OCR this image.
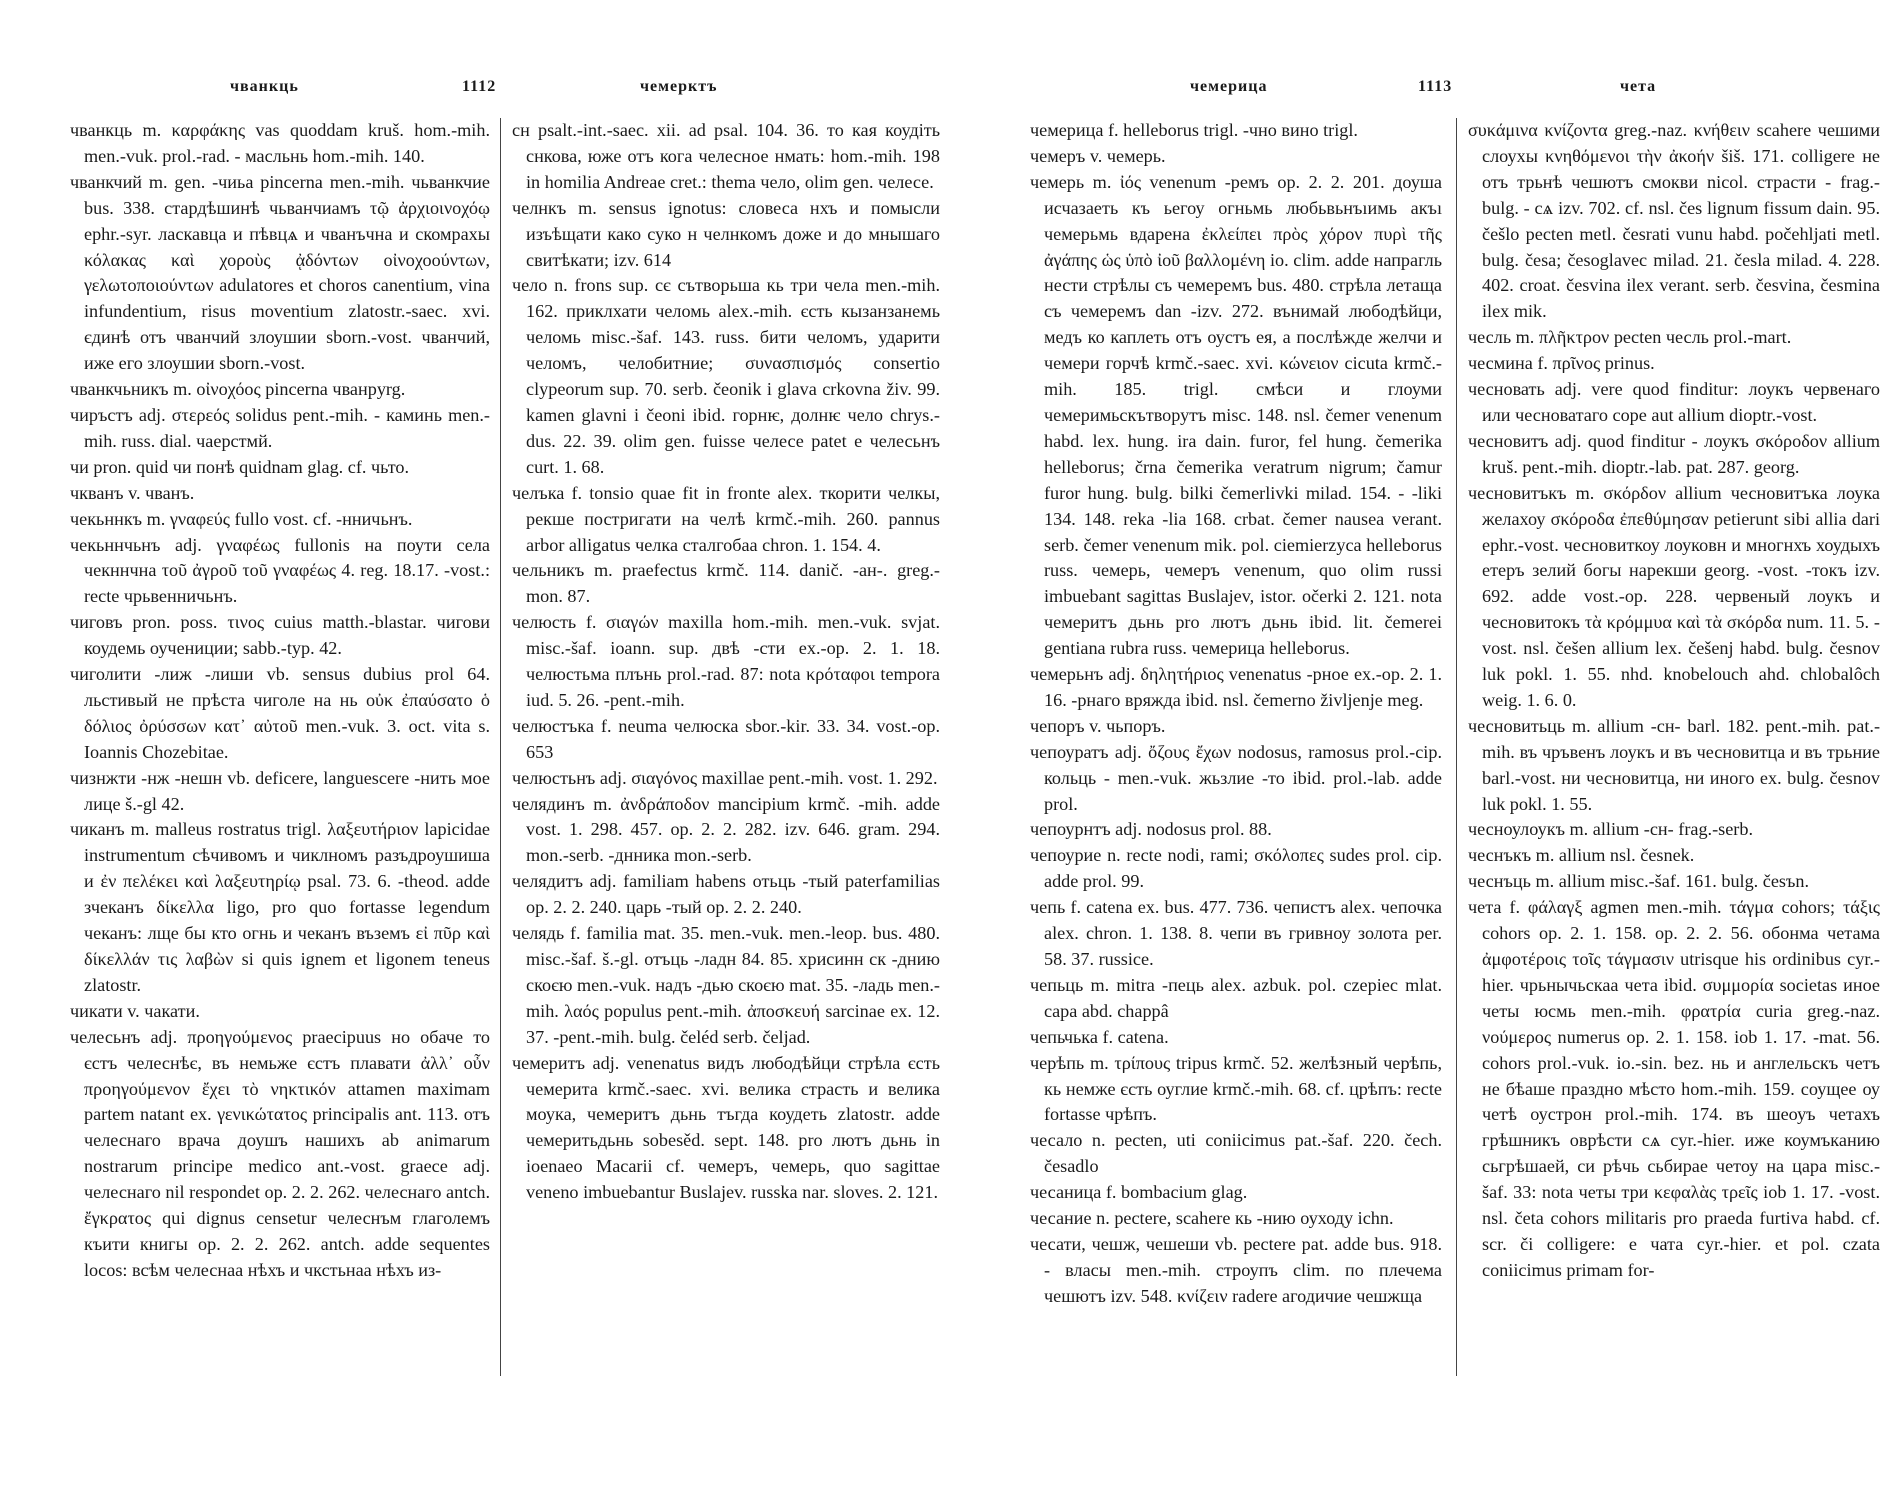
чванкць	1112	чемерктъ

чванкць m. καρφάκης vas quoddam kruš. hom.-mih. men.-vuk. prol.-rad. - масльнь hom.-mih. 140.

чванкчий m. gen. -чиьа pincerna men.-mih. чьванкчие bus. 338. стардѣшинѣ чьванчиамъ τῷ ἀρχιοινοχόῳ ephr.-syr. ласкавца и пѣвцѧ и чванъчна и скомрахы κόλακας καὶ χοροὺς ᾀδόντων οἰνοχοούντων, γελωτοποιούντων adulatores et choros canentium, vina infundentium, risus moventium zlatostr.-saec. xvi. єдинѣ отъ чванчий злоушии sborn.-vost. чванчий, иже его злоушии sborn.-vost.

чванкчьникъ m. οἰνοχόος pincerna чванpyrg.

чиръстъ adj. στερεός solidus pent.-mih. - каминь men.-mih. russ. dial. чаерстмй.

чи pron. quid чи понѣ quidnam glag. cf. чьто.

чкванъ v. чванъ.

чекьннкъ m. γναφεύς fullo vost. cf. -нничьнъ.

чекьннчьнъ adj. γναφέως fullonis на поути села чекннчна τοῦ ἀγροῦ τοῦ γναφέως 4. reg. 18.17. -vost.: recte чрьвенничьнъ.

чиговъ pron. poss. τινος cuius matth.-blastar. чигови коудемь оучениции; sabb.-typ. 42.

чиголити -лиж -лиши vb. sensus dubius prol 64. льстивый не прѣста чиголе на нь οὐκ ἐπαύσατο ὁ δόλιος ὀρύσσων κατ᾽ αὐτοῦ men.-vuk. 3. oct. vita s. Ioannis Chozebitae.

чизнжти -нж -нешн vb. deficere, languescere -нить мое лице š.-gl 42.

чиканъ m. malleus rostratus trigl. λαξευτήριον lapicidae instrumentum сѣчивомъ и чиклномъ разъдроушиша и ἐν πελέκει καὶ λαξευτηρίῳ psal. 73. 6. -theod. adde зчеканъ δίκελλα ligo, pro quo fortasse legendum чеканъ: лще бы кто огнь и чеканъ въземъ εἰ πῦρ καὶ δίκελλάν τις λαβὼν si quis ignem et ligonem teneus zlatostr.

чикати v. чакати.

челесьнъ adj. προηγούμενος praecipuus но обаче то єстъ челеснѣє, въ немьже єстъ плавати ἀλλ᾽ οὖν προηγούμενον ἔχει τὸ νηκτικόν attamen maximam partem natant ex. γενικώτατος principalis ant. 113. отъ челеснаго врача доушъ нашихъ ab animarum nostrarum principe medico ant.-vost. graece adj. челеснаго nil respondet op. 2. 2. 262. челеснаго antch. ἔγκρατος qui dignus censetur челеснъм глаголемъ къити книгы op. 2. 2. 262. antch. adde sequentes locos: всѣм челеснаа нѣхъ и чкстьнаа нѣхъ из-

сн psalt.-int.-saec. xii. ad psal. 104. 36. то кая коудіть снкова, юже отъ кога челесное нмать: hom.-mih. 198 in homilia Andreae cret.: thema чело, olim gen. челесе.

челнкъ m. sensus ignotus: словеса нхъ и помысли изъѣщати како суко н челнкомъ доже и до мнышаго свитѣкати; izv. 614

чело n. frons sup. сє сътворьша кь три чела men.-mih. 162. приклхати челомь alex.-mih. єсть кызанзанемь челомь misc.-šaf. 143. russ. бити челомъ, ударити челомъ, челобитние; συνασπισμός consertio clypeorum sup. 70. serb. čeonik i glava crkovna živ. 99. kamen glavni i čeoni ibid. горнѥ, долнѥ чело chrys.-dus. 22. 39. olim gen. fuisse челесе patet e челесьнъ curt. 1. 68.

челъка f. tonsio quae fit in fronte alex. ткорити челкы, рекше постригати на челѣ krmč.-mih. 260. pannus arbor alligatus челка сталгобаа chron. 1. 154. 4.

чельникъ m. praefectus krmč. 114. danič. -ан-. greg.-mon. 87.

челюсть f. σιαγών maxilla hom.-mih. men.-vuk. svjat. misc.-šaf. ioann. sup. двѣ -сти ex.-op. 2. 1. 18. челюстьма плънь prol.-rad. 87: nota κρόταφοι tempora iud. 5. 26. -pent.-mih.

челюстъка f. neuma челюска sbor.-kir. 33. 34. vost.-op. 653

челюстьнъ adj. σιαγόνος maxillae pent.-mih. vost. 1. 292.

челядинъ m. ἀνδράποδον mancipium krmč. -mih. adde vost. 1. 298. 457. op. 2. 2. 282. izv. 646. gram. 294. mon.-serb. -днника mon.-serb.

челядитъ adj. familiam habens отьць -тый paterfamilias op. 2. 2. 240. царь -тый op. 2. 2. 240.

челядь f. familia mat. 35. men.-vuk. men.-leop. bus. 480. misc.-šaf. š.-gl. отъць -ладн 84. 85. хрисинн ск -днию скоєю men.-vuk. надъ -дью скоєю mat. 35. -ладь men.-mih. λαός populus pent.-mih. ἀποσκευή sarcinae ex. 12. 37. -pent.-mih. bulg. čeléd serb. čeljad.

чемеритъ adj. venenatus видъ любодѣйци стрѣла єсть чемерита krmč.-saec. xvi. велика страсть и велика моука, чемеритъ дьнь тъгда коудеть zlatostr. adde чемеритьдьнь sobesěd. sept. 148. pro лютъ дьнь in ioenaeo Macarii cf. чемеръ, чемерь, quo sagittae veneno imbuebantur Buslajev. russka nar. sloves. 2. 121.

чемерица	1113	чета

чемерица f. helleborus trigl. -чно вино trigl.

чемеръ v. чемерь.

чемерь m. ἰός venenum -ремъ op. 2. 2. 201. доуша исчазаеть къ ьегоу огньмь любьвьнъıимь акъı чемерьмь вдарена ἐκλείπει πρὸς χόρον πυρὶ τῆς ἀγάπης ὡς ὑπὸ ἰοῦ βαλλομένη io. clim. adde напрагль нести стрѣлы съ чемеремъ bus. 480. стрѣла летаща съ чемеремъ dan -izv. 272. вънимай любодѣйци, медъ ко каплеть отъ оустъ ея, а послѣжде желчи и чемери горчѣ krmč.-saec. xvi. κώνειον cicuta krmč.-mih. 185. trigl. смѣси и глоуми чемеримьскътворутъ misc. 148. nsl. čemer venenum habd. lex. hung. ira dain. furor, fel hung. čemerika helleborus; črna čemerika veratrum nigrum; čamur furor hung. bulg. bilki čemerlivki milad. 154. - -liki 134. 148. reka -lia 168. crbat. čemer nausea verant. serb. čemer venenum mik. pol. ciemierzyca helleborus russ. чемерь, чемеръ venenum, quo olim russi imbuebant sagittas Buslajev, istor. očerki 2. 121. nota чемеритъ дьнь pro лютъ дьнь ibid. lit. čemerei gentiana rubra russ. чемерица helleborus.

чемерьнъ adj. δηλητήριος venenatus -рное ex.-op. 2. 1. 16. -рнаго вряжда ibid. nsl. čemerno življenje meg.

чепоръ v. чьпоръ.

чепоуратъ adj. ὄζους ἔχων nodosus, ramosus prol.-cip. кольць - men.-vuk. жьзлие -то ibid. prol.-lab. adde prol.

чепоурнтъ adj. nodosus prol. 88.

чепоурие n. recte nodi, rami; σκόλοπες sudes prol. cip. adde prol. 99.

чепь f. catena ex. bus. 477. 736. чепистъ alex. чепочка alex. chron. 1. 138. 8. чепи въ гривноу золота per. 58. 37. russice.

чепьць m. mitra -пець alex. azbuk. pol. czepiec mlat. capa abd. chappâ

чепьчька f. catena.

черѣпь m. τρίπους tripus krmč. 52. желѣзный черѣпь, кь немже єсть оуглие krmč.-mih. 68. cf. црѣпъ: recte fortasse чрѣпъ.

чесало n. pecten, uti coniicimus pat.-šaf. 220. čech. česadlo

чесаница f. bombacium glag.

чесание n. pectere, scahere кь -нию оуходу ichn.

чесати, чешж, чешеши vb. pectere pat. adde bus. 918. - власы men.-mih. строупъ clim. по плечема чешютъ izv. 548. κνίζειν radere агодичие чешжща

συκάμινα κνίζοντα greg.-naz. κνήθειν scahere чешими слоухы κνηθόμενοι τὴν ἀκοήν šiš. 171. colligere не отъ трьнѣ чешютъ смокви nicol. страсти - frag.-bulg. - сѧ izv. 702. cf. nsl. čes lignum fissum dain. 95. češlo pecten metl. česrati vunu habd. počehljati metl. bulg. česa; česoglavec milad. 21. česla milad. 4. 228. 402. croat. česvina ilex verant. serb. česvina, česmina ilex mik.

чесль m. πλῆκτρον pecten чесль prol.-mart.

чесмина f. πρῖνος prinus.

чесновать adj. vere quod finditur: лоукъ червенаго или чесноватаго соре aut allium dioptr.-vost.

чесновитъ adj. quod finditur - лоукъ σκόροδον allium kruš. pent.-mih. dioptr.-lab. pat. 287. georg.

чесновитъкъ m. σκόρδον allium чесновитъка лоука желахоу σκόροδα ἐπεθύμησαν petierunt sibi allia dari ephr.-vost. чесновиткоу лоуковн и многнхъ хоудыхъ етеръ зелий богы нарекши georg. -vost. -токъ izv. 692. adde vost.-op. 228. червеный лоукъ и чесновитокъ τὰ κρόμμυα καὶ τὰ σκόρδα num. 11. 5. -vost. nsl. češen allium lex. češenj habd. bulg. česnov luk pokl. 1. 55. nhd. knobelouch ahd. chlobalôch weig. 1. 6. 0.

чесновитьць m. allium -сн- barl. 182. pent.-mih. pat.-mih. въ чръвенъ лоукъ и въ чесновитца и въ трьние barl.-vost. ни чесновитца, ни иного ex. bulg. česnov luk pokl. 1. 55.

чесноулоукъ m. allium -сн- frag.-serb.

чеснъкъ m. allium nsl. česnek.

чеснъць m. allium misc.-šaf. 161. bulg. česъn.

чета f. φάλαγξ agmen men.-mih. τάγμα cohors; τάξις cohors op. 2. 1. 158. op. 2. 2. 56. обонма четама ἀμφοτέροις τοῖς τάγμασιν utrisque his ordinibus cyr.-hier. чрьнычьскаа чета ibid. συμμορία societas иное четы юсмь men.-mih. φρατρία curia greg.-naz. νούμερος numerus op. 2. 1. 158. iob 1. 17. -mat. 56. cohors prol.-vuk. io.-sin. bez. нь и англельскъ четъ не бѣаше праздно мѣсто hom.-mih. 159. соущее оу четѣ оустрон prol.-mih. 174. въ шеоуъ четахъ грѣшникъ оврѣсти сѧ cyr.-hier. иже коумъканию сьгрѣшаей, си рѣчь сьбирае четоу на цара misc.-šaf. 33: nota четы три κεφαλὰς τρεῖς iob 1. 17. -vost. nsl. četa cohors militaris pro praeda furtiva habd. cf. scr. či colligere: е чата cyr.-hier. et pol. czata coniicimus primam for-
